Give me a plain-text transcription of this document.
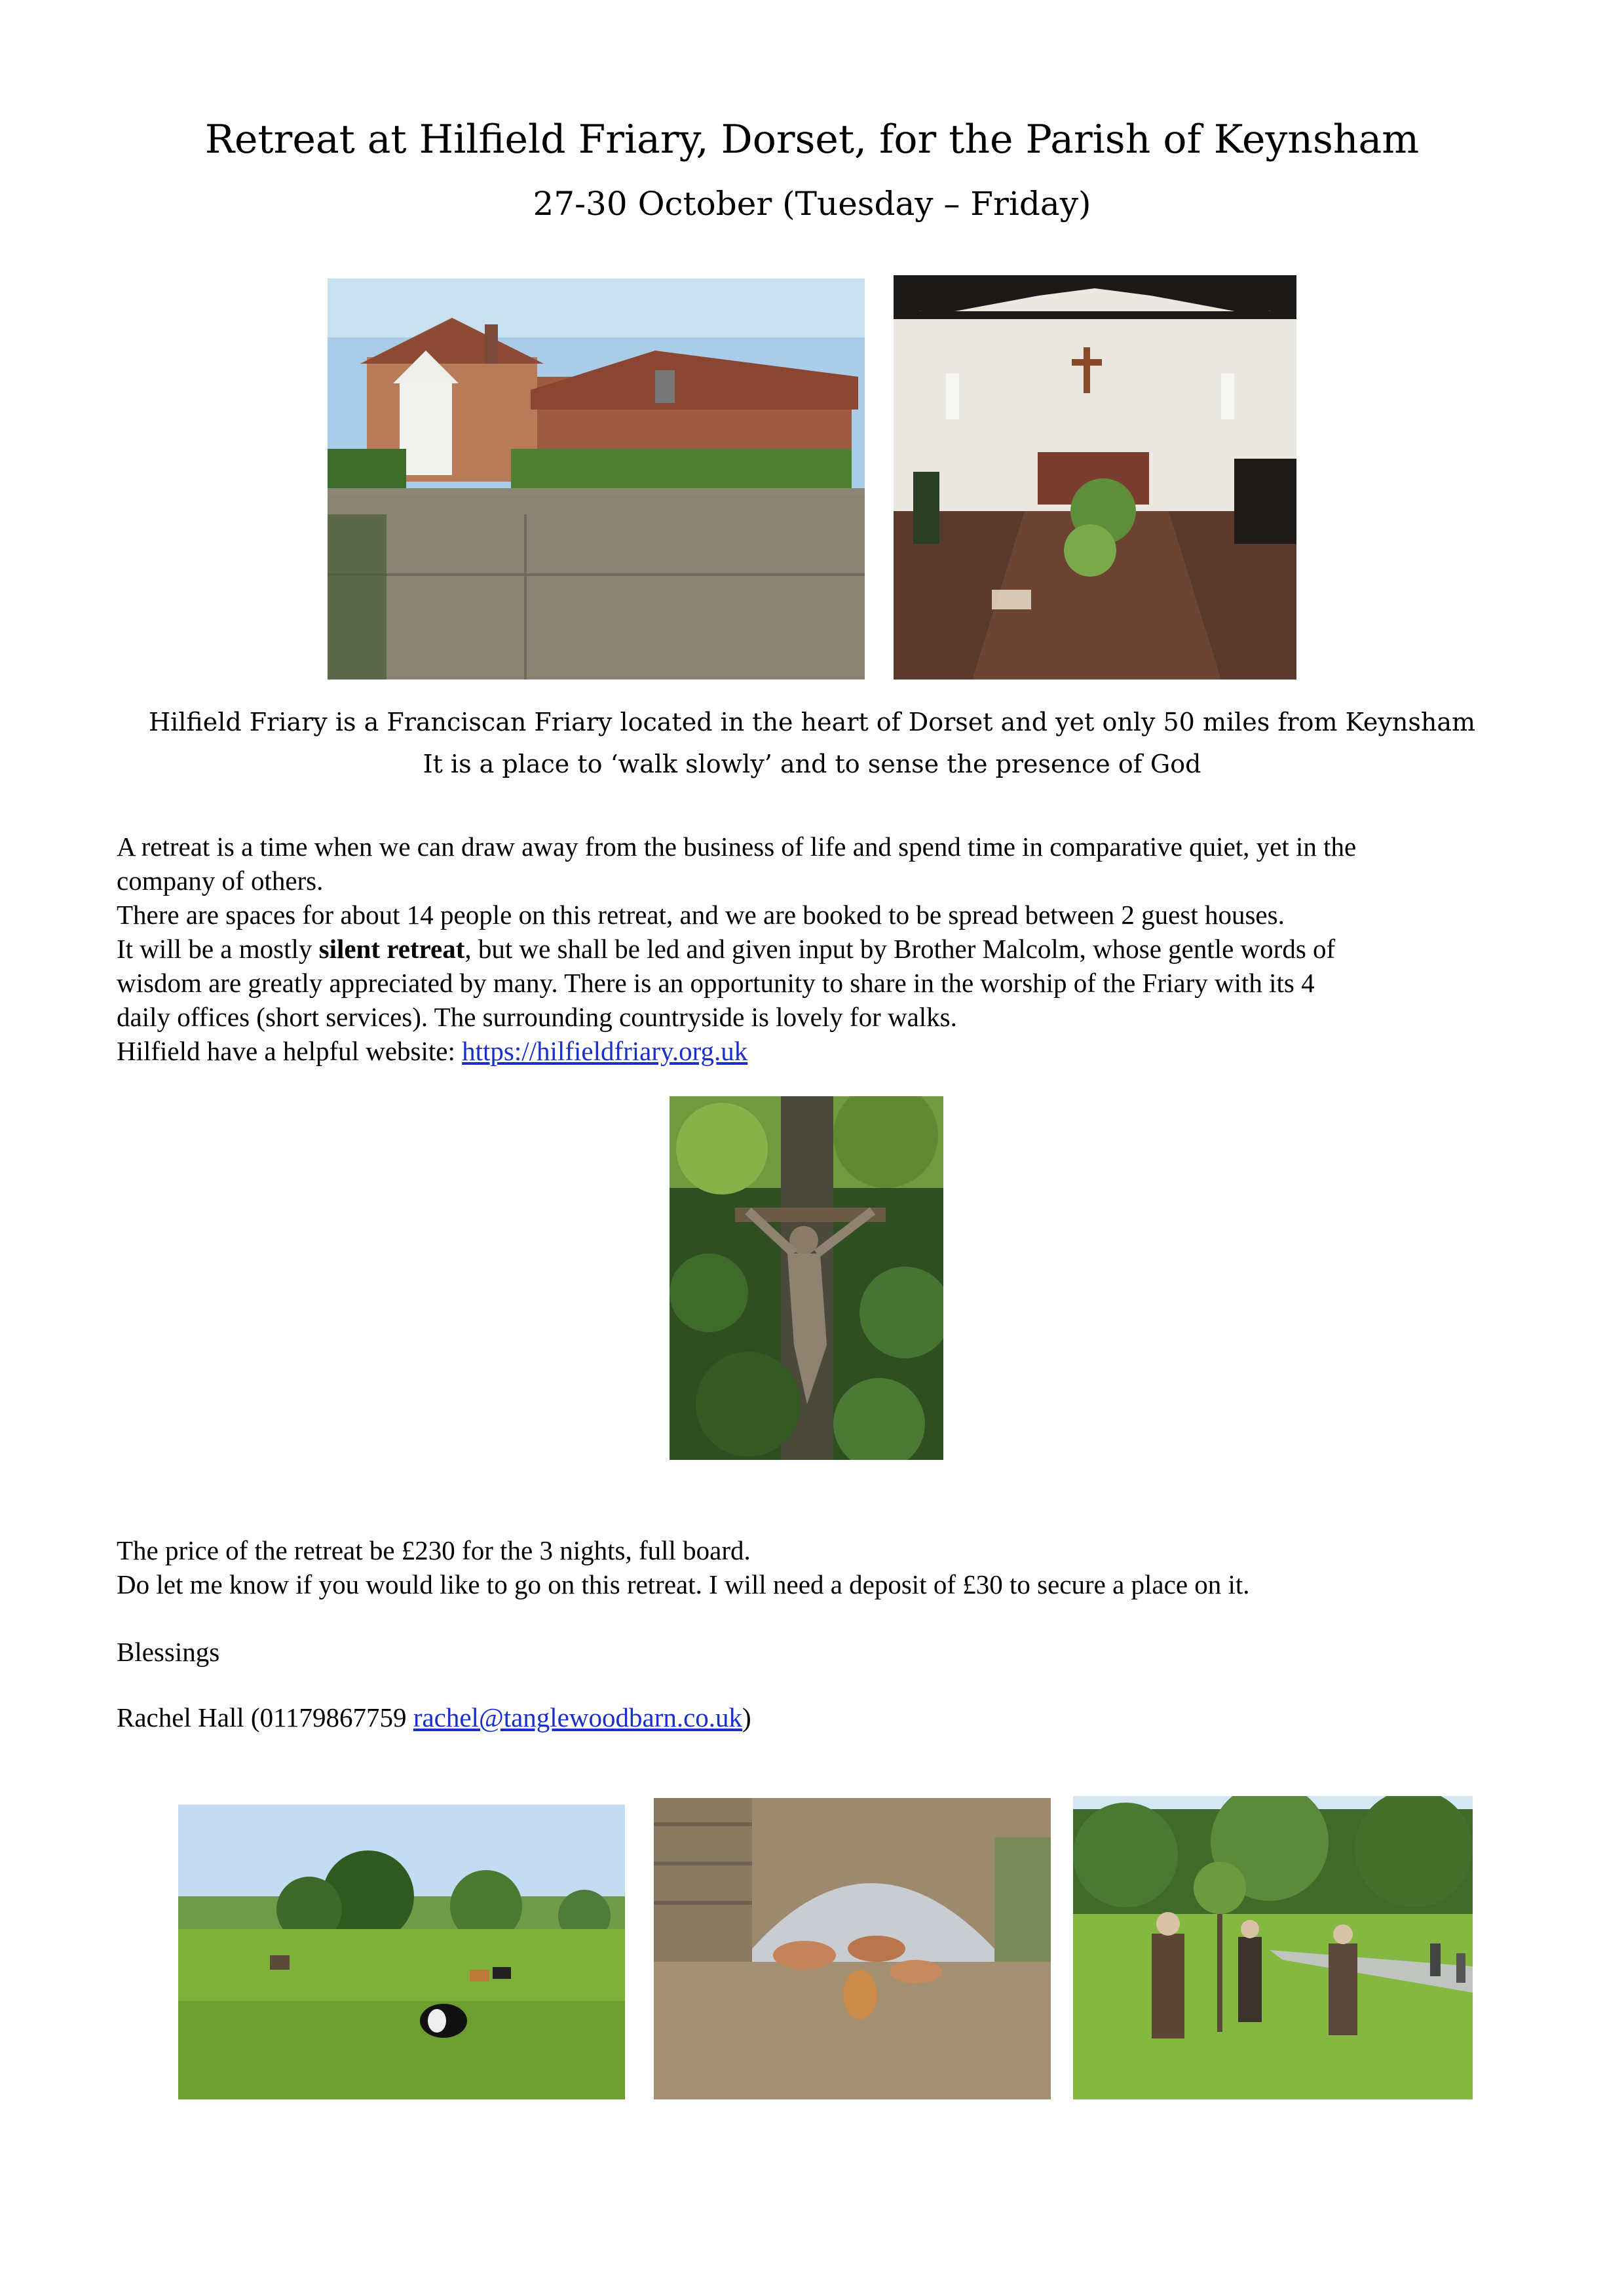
Retreat at Hilfield Friary, Dorset, for the Parish of Keynsham
27-30 October (Tuesday – Friday)
Hilfield Friary is a Franciscan Friary located in the heart of Dorset and yet only 50 miles from Keynsham
It is a place to ‘walk slowly’ and to sense the presence of God
A retreat is a time when we can draw away from the business of life and spend time in comparative quiet, yet in the
company of others.
There are spaces for about 14 people on this retreat, and we are booked to be spread between 2 guest houses.
It will be a mostly silent retreat, but we shall be led and given input by Brother Malcolm, whose gentle words of
wisdom are greatly appreciated by many. There is an opportunity to share in the worship of the Friary with its 4
daily offices (short services). The surrounding countryside is lovely for walks.
Hilfield have a helpful website: https://hilfieldfriary.org.uk
The price of the retreat be £230 for the 3 nights, full board.
Do let me know if you would like to go on this retreat. I will need a deposit of £30 to secure a place on it.
Blessings
Rachel Hall (01179867759 rachel@tanglewoodbarn.co.uk)
